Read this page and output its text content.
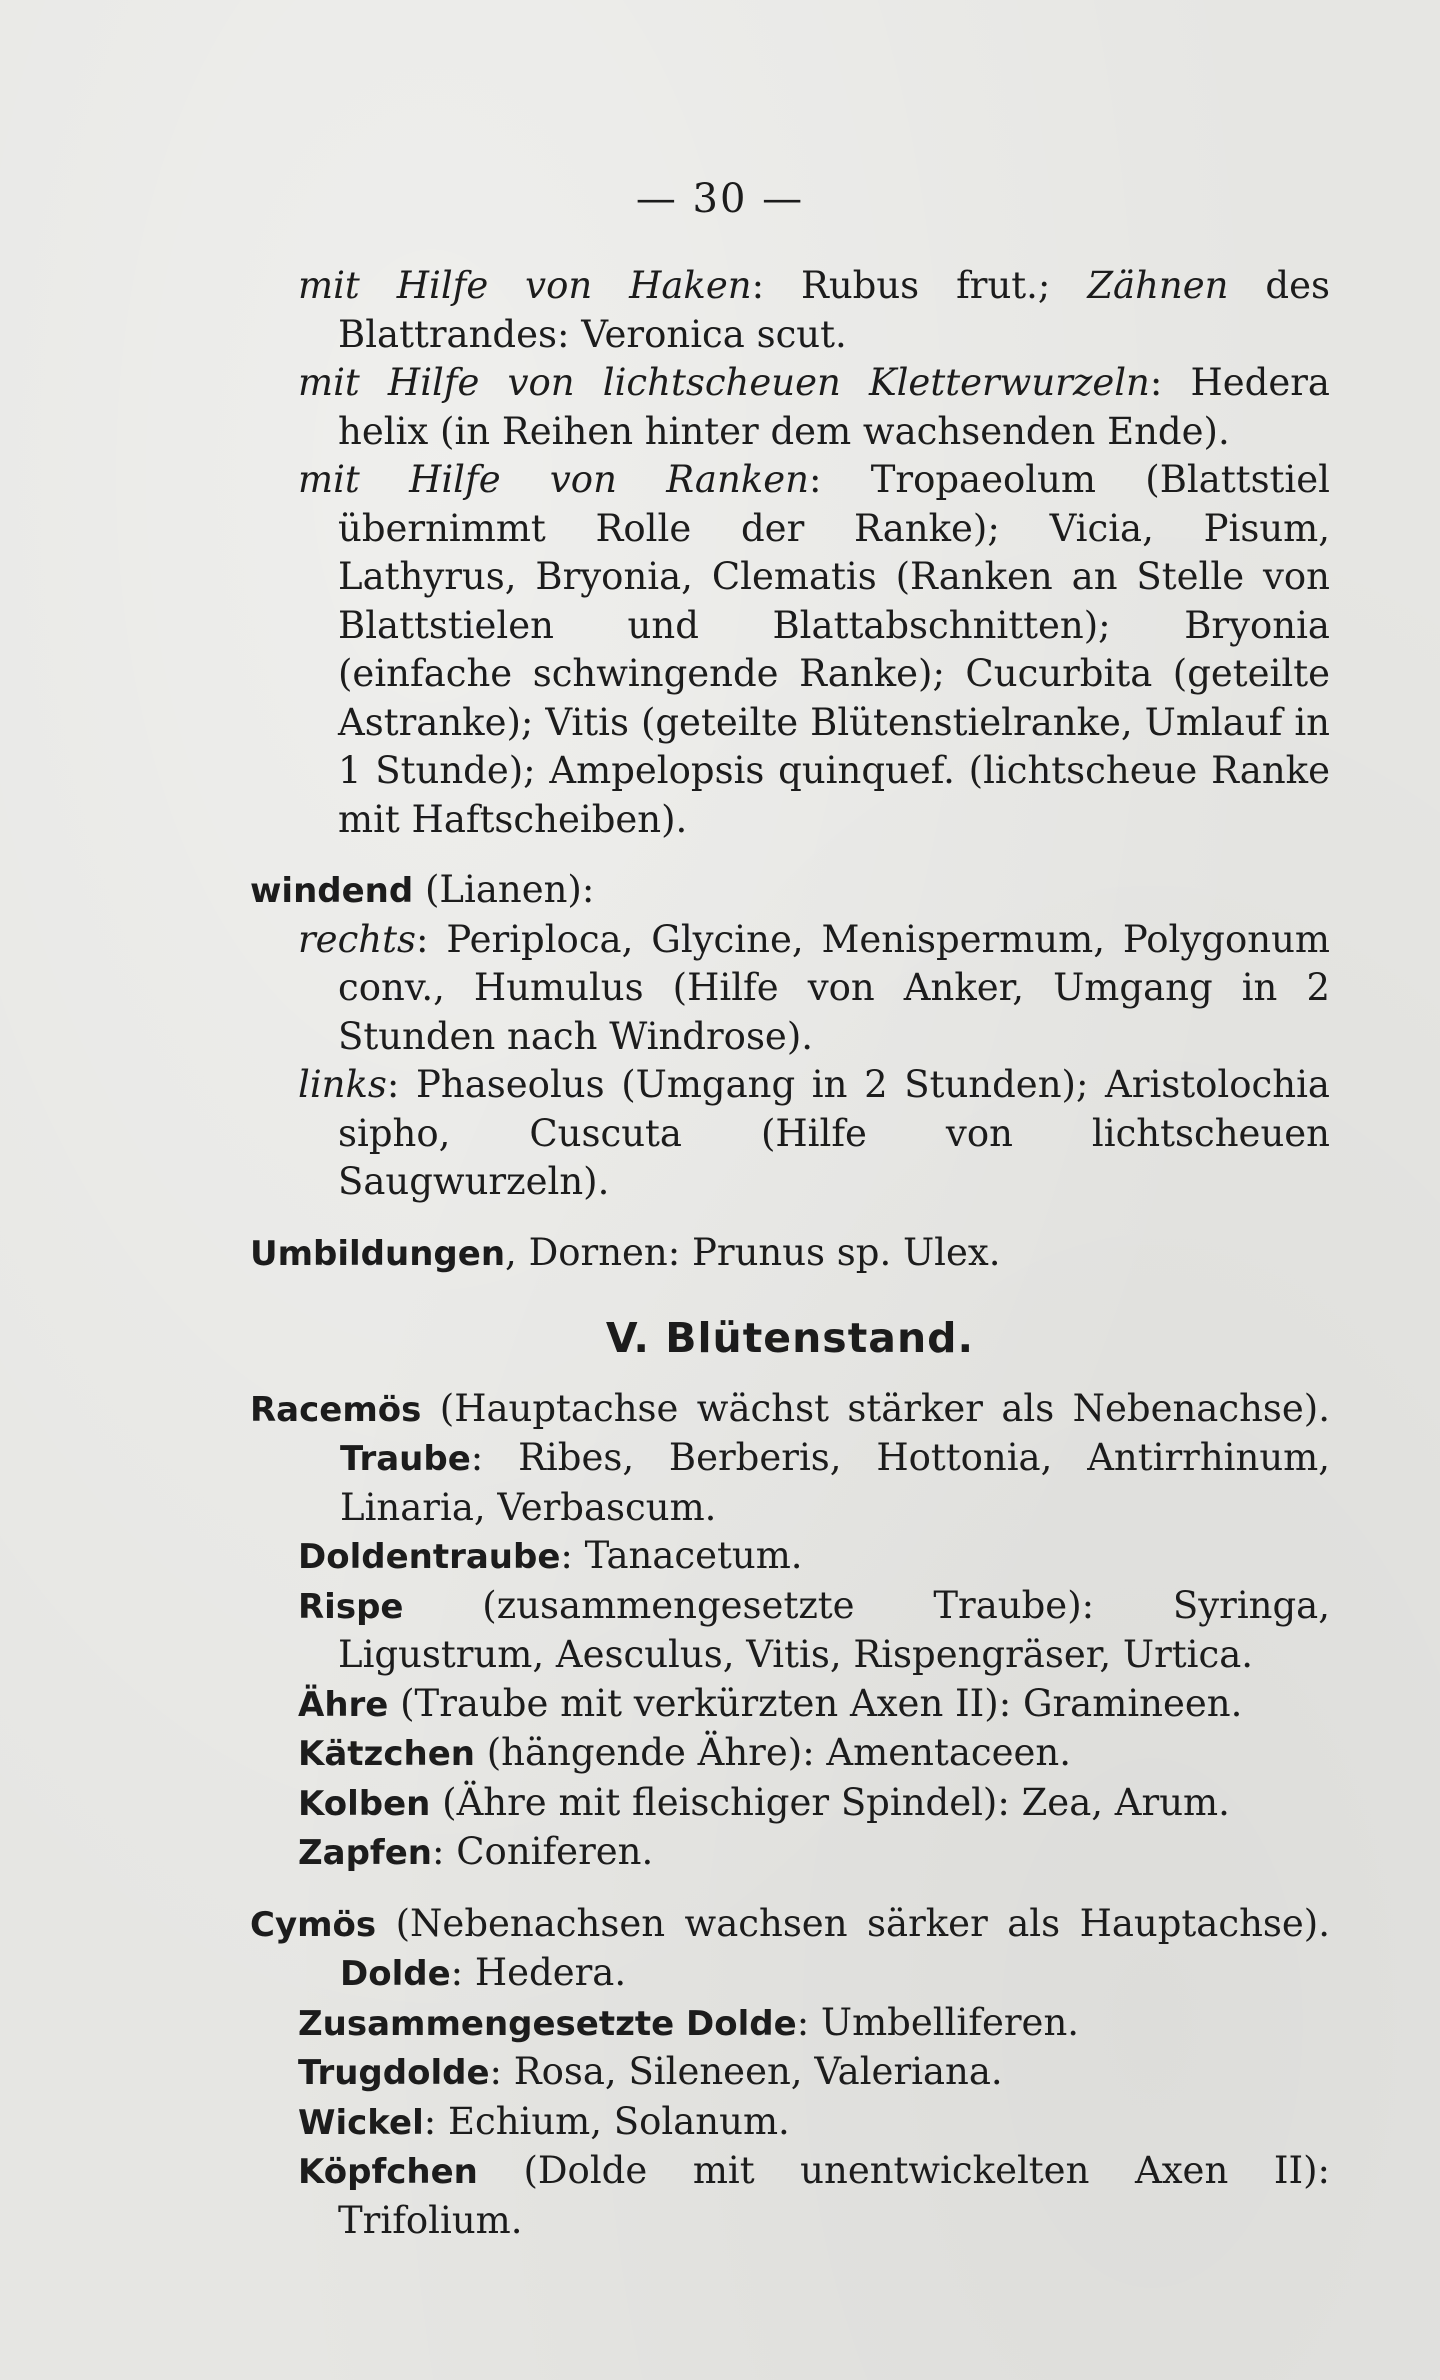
— 30 —

mit Hilfe von Haken: Rubus frut.; Zähnen des Blattrandes: Veronica scut.

mit Hilfe von lichtscheuen Kletterwurzeln: Hedera helix (in Reihen hinter dem wachsenden Ende).

mit Hilfe von Ranken: Tropaeolum (Blattstiel übernimmt Rolle der Ranke); Vicia, Pisum, Lathyrus, Bryonia, Clematis (Ranken an Stelle von Blattstielen und Blattabschnitten); Bryonia (einfache schwingende Ranke); Cucurbita (geteilte Astranke); Vitis (geteilte Blütenstielranke, Umlauf in 1 Stunde); Ampelopsis quinquef. (lichtscheue Ranke mit Haftscheiben).

windend (Lianen):

rechts: Periploca, Glycine, Menispermum, Polygonum conv., Humulus (Hilfe von Anker, Umgang in 2 Stunden nach Windrose).

links: Phaseolus (Umgang in 2 Stunden); Aristolochia sipho, Cuscuta (Hilfe von lichtscheuen Saugwurzeln).

Umbildungen, Dornen: Prunus sp. Ulex.

V. Blütenstand.

Racemös (Hauptachse wächst stärker als Nebenachse). Traube: Ribes, Berberis, Hottonia, Antirrhinum, Linaria, Verbascum.

Doldentraube: Tanacetum.

Rispe (zusammengesetzte Traube): Syringa, Ligustrum, Aesculus, Vitis, Rispengräser, Urtica.

Ähre (Traube mit verkürzten Axen II): Gramineen.

Kätzchen (hängende Ähre): Amentaceen.

Kolben (Ähre mit fleischiger Spindel): Zea, Arum.

Zapfen: Coniferen.

Cymös (Nebenachsen wachsen särker als Hauptachse). Dolde: Hedera.

Zusammengesetzte Dolde: Umbelliferen.

Trugdolde: Rosa, Sileneen, Valeriana.

Wickel: Echium, Solanum.

Köpfchen (Dolde mit unentwickelten Axen II): Trifolium.
